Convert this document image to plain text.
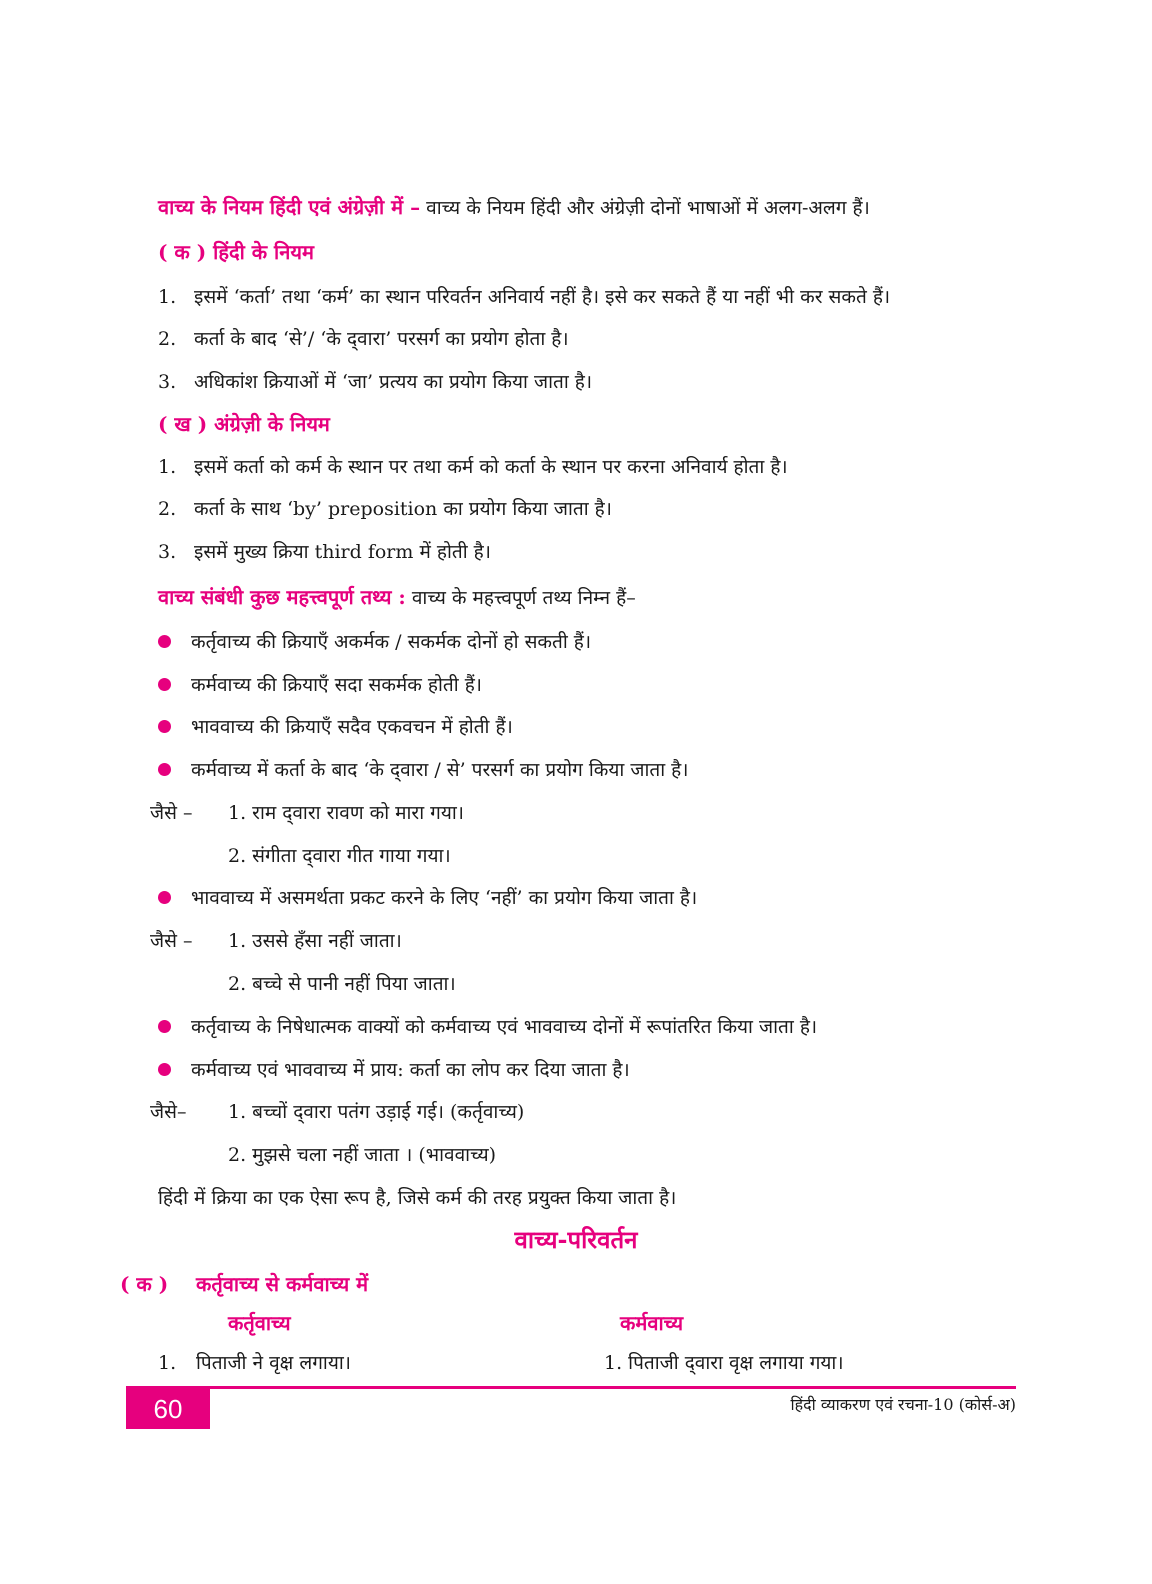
वाच्य के नियम हिंदी एवं अंग्रेज़ी में – वाच्य के नियम हिंदी और अंग्रेज़ी दोनों भाषाओं में अलग-अलग हैं।
( क ) हिंदी के नियम
1. इसमें ‘कर्ता’ तथा ‘कर्म’ का स्थान परिवर्तन अनिवार्य नहीं है। इसे कर सकते हैं या नहीं भी कर सकते हैं।
2. कर्ता के बाद ‘से’/ ‘के द्‌वारा’ परसर्ग का प्रयोग होता है।
3. अधिकांश क्रियाओं में ‘जा’ प्रत्यय का प्रयोग किया जाता है।
( ख ) अंग्रेज़ी के नियम
1. इसमें कर्ता को कर्म के स्थान पर तथा कर्म को कर्ता के स्थान पर करना अनिवार्य होता है।
2. कर्ता के साथ ‘by’ preposition का प्रयोग किया जाता है।
3. इसमें मुख्य क्रिया third form में होती है।
वाच्य संबंधी कुछ महत्त्वपूर्ण तथ्य : वाच्य के महत्त्वपूर्ण तथ्य निम्न हैं–
कर्तृवाच्य की क्रियाएँ अकर्मक / सकर्मक दोनों हो सकती हैं।
कर्मवाच्य की क्रियाएँ सदा सकर्मक होती हैं।
भाववाच्य की क्रियाएँ सदैव एकवचन में होती हैं।
कर्मवाच्य में कर्ता के बाद ‘के द्‌वारा / से’ परसर्ग का प्रयोग किया जाता है।
जैसे – 1. राम द्‌वारा रावण को मारा गया।
2. संगीता द्‌वारा गीत गाया गया।
भाववाच्य में असमर्थता प्रकट करने के लिए ‘नहीं’ का प्रयोग किया जाता है।
जैसे – 1. उससे हँसा नहीं जाता।
2. बच्चे से पानी नहीं पिया जाता।
कर्तृवाच्य के निषेधात्मक वाक्यों को कर्मवाच्य एवं भाववाच्य दोनों में रूपांतरित किया जाता है।
कर्मवाच्य एवं भाववाच्य में प्राय: कर्ता का लोप कर दिया जाता है।
जैसे– 1. बच्चों द्‌वारा पतंग उड़ाई गई। (कर्तृवाच्य)
2. मुझसे चला नहीं जाता । (भाववाच्य)
हिंदी में क्रिया का एक ऐसा रूप है, जिसे कर्म की तरह प्रयुक्त किया जाता है।
वाच्य-परिवर्तन
( क ) कर्तृवाच्य से कर्मवाच्य में
कर्तृवाच्य	कर्मवाच्य
1. पिताजी ने वृक्ष लगाया।	1. पिताजी द्‌वारा वृक्ष लगाया गया।
60	हिंदी व्याकरण एवं रचना-10 (कोर्स-अ)
